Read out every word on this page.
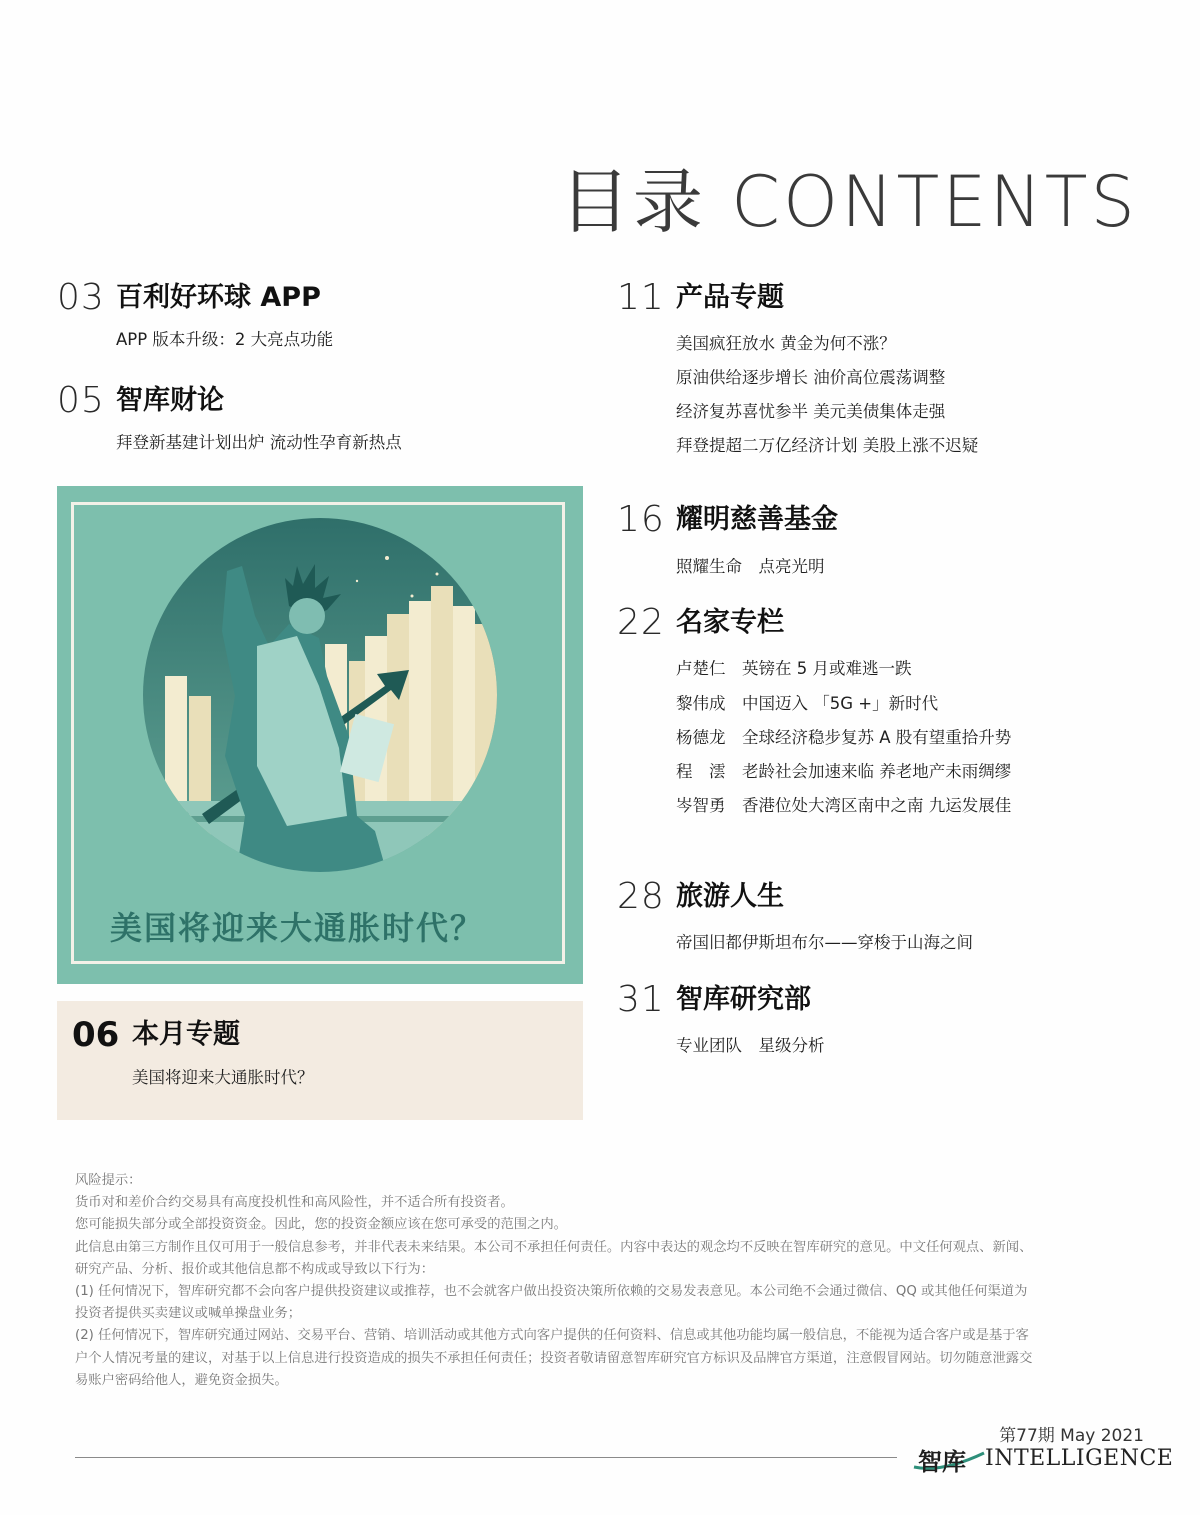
目录 CONTENTS
03 百利好环球 APP
APP 版本升级：2 大亮点功能
05 智库财论
拜登新基建计划出炉 流动性孕育新热点
美国将迎来大通胀时代？
06 本月专题
美国将迎来大通胀时代？
11 产品专题
美国疯狂放水 黄金为何不涨？
原油供给逐步增长 油价高位震荡调整
经济复苏喜忧参半 美元美债集体走强
拜登提超二万亿经济计划 美股上涨不迟疑
16 耀明慈善基金
照耀生命　点亮光明
22 名家专栏
卢楚仁 英镑在 5 月或难逃一跌
黎伟成 中国迈入 「5G +」新时代
杨德龙 全球经济稳步复苏 A 股有望重拾升势
程　澐 老龄社会加速来临 养老地产未雨绸缪
岑智勇 香港位处大湾区南中之南 九运发展佳
28 旅游人生
帝国旧都伊斯坦布尔——穿梭于山海之间
31 智库研究部
专业团队　星级分析
风险提示：
货币对和差价合约交易具有高度投机性和高风险性，并不适合所有投资者。
您可能损失部分或全部投资资金。因此，您的投资金额应该在您可承受的范围之内。
此信息由第三方制作且仅可用于一般信息参考，并非代表未来结果。本公司不承担任何责任。内容中表达的观念均不反映在智库研究的意见。中文任何观点、新闻、
研究产品、分析、报价或其他信息都不构成或导致以下行为：
(1) 任何情况下，智库研究都不会向客户提供投资建议或推荐，也不会就客户做出投资决策所依赖的交易发表意见。本公司绝不会通过微信、QQ 或其他任何渠道为
投资者提供买卖建议或喊单操盘业务；
(2) 任何情况下，智库研究通过网站、交易平台、营销、培训活动或其他方式向客户提供的任何资料、信息或其他功能均属一般信息，不能视为适合客户或是基于客
户个人情况考量的建议，对基于以上信息进行投资造成的损失不承担任何责任；投资者敬请留意智库研究官方标识及品牌官方渠道，注意假冒网站。切勿随意泄露交
易账户密码给他人，避免资金损失。
第77期 May 2021
智库 INTELLIGENCE
